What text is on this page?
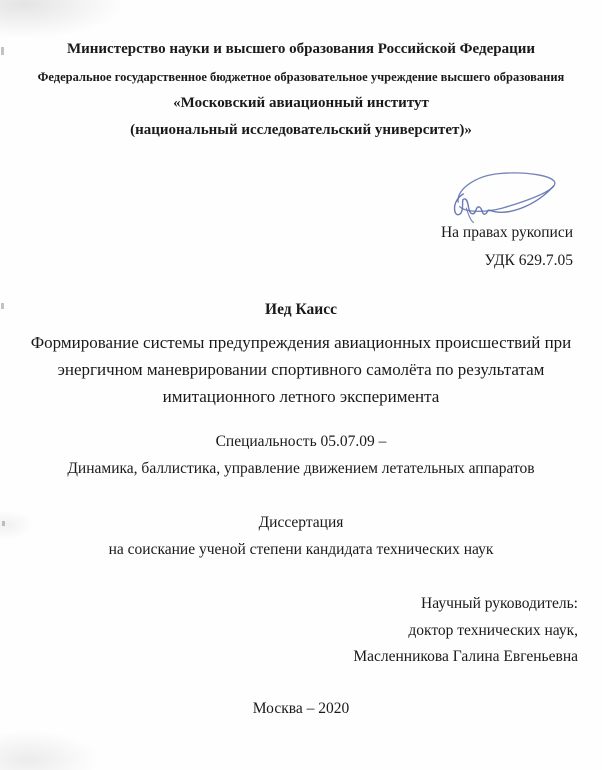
Министерство науки и высшего образования Российской Федерации
Федеральное государственное бюджетное образовательное учреждение высшего образования
«Московский авиационный институт
(национальный исследовательский университет)»
На правах рукописи
УДК 629.7.05
Иед Каисс
Формирование системы предупреждения авиационных происшествий при энергичном маневрировании спортивного самолёта по результатам имитационного летного эксперимента
Специальность 05.07.09 –
Динамика, баллистика, управление движением летательных аппаратов
Диссертация
на соискание ученой степени кандидата технических наук
Научный руководитель:
доктор технических наук,
Масленникова Галина Евгеньевна
Москва – 2020
